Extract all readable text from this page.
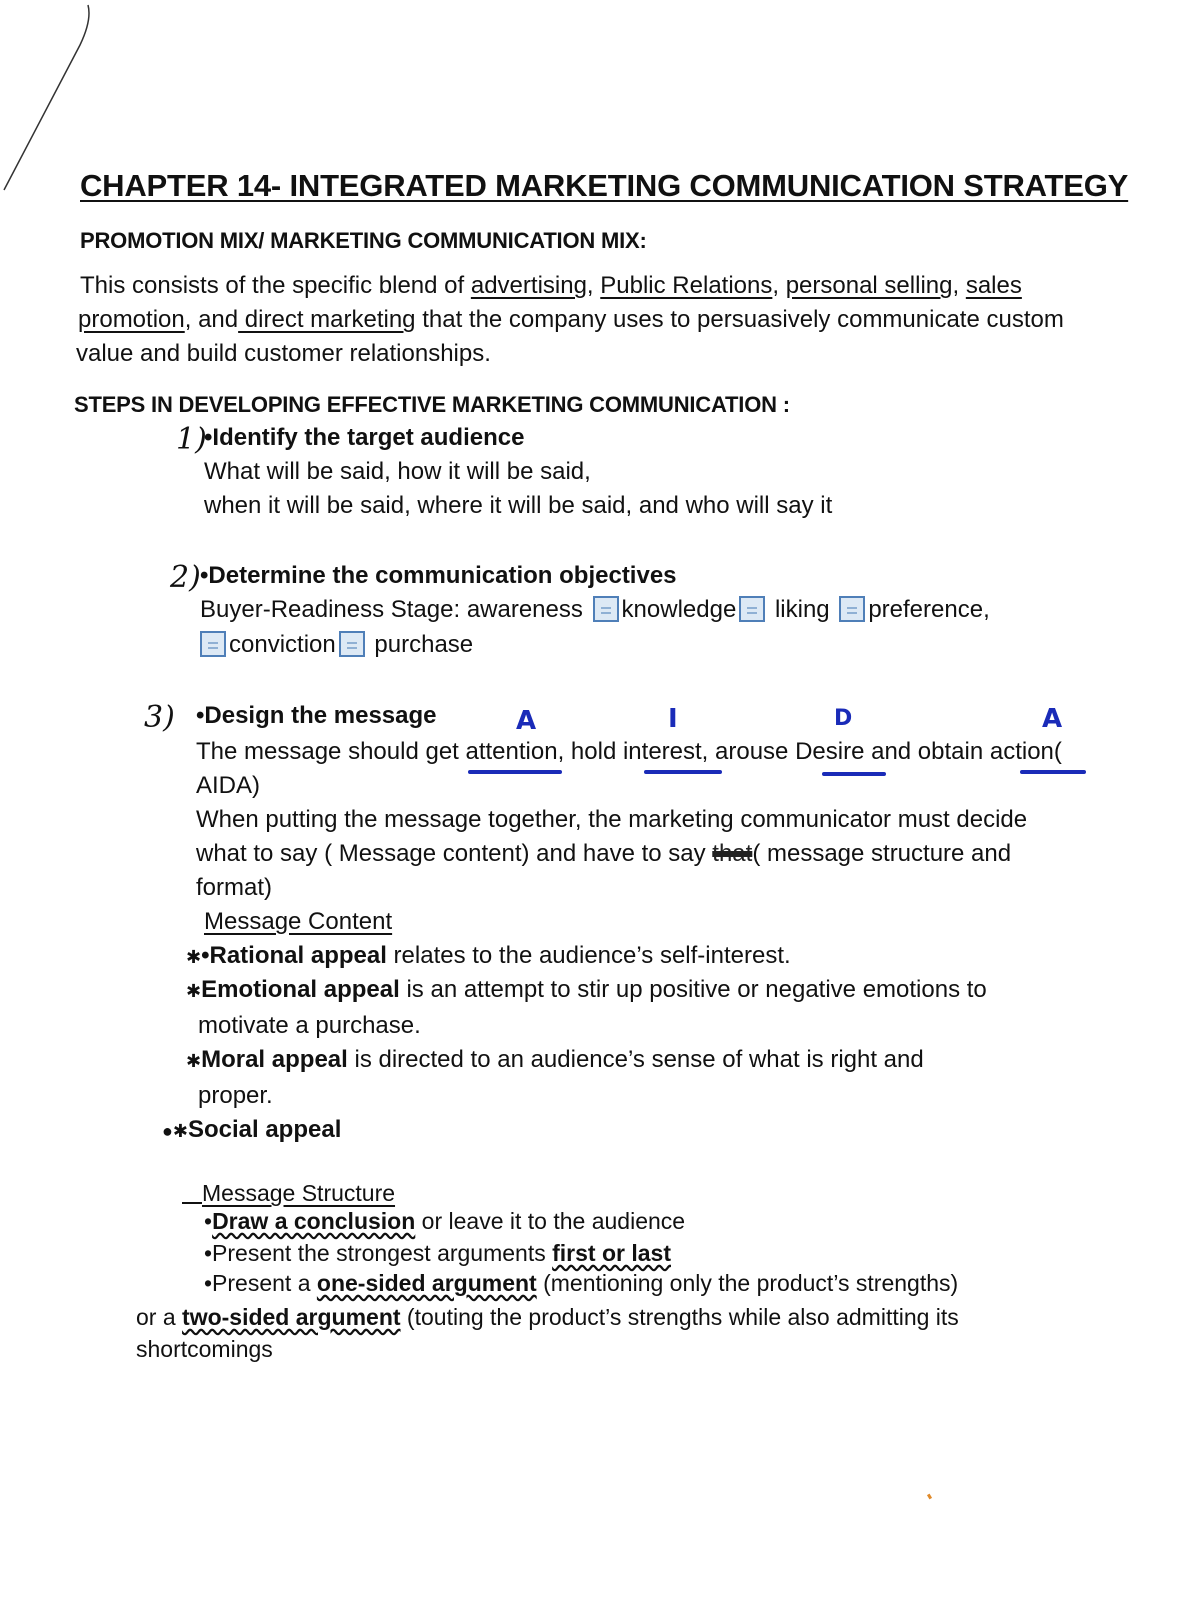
CHAPTER 14- INTEGRATED MARKETING COMMUNICATION STRATEGY
PROMOTION MIX/ MARKETING COMMUNICATION MIX:
This consists of the specific blend of advertising, Public Relations, personal selling, sales
promotion, and direct marketing that the company uses to persuasively communicate custom
value and build customer relationships.
STEPS IN DEVELOPING EFFECTIVE MARKETING COMMUNICATION :
1)
•Identify the target audience
What will be said, how it will be said,
when it will be said, where it will be said, and who will say it
2) •Determine the communication objectives
Buyer-Readiness Stage: awareness knowledge liking preference,
conviction purchase
3) •Design the message	A	I	D	A
The message should get attention, hold interest, arouse Desire and obtain action(
AIDA)
When putting the message together, the marketing communicator must decide
what to say ( Message content) and have to say that( message structure and
format)
Message Content
✱•Rational appeal relates to the audience’s self-interest.
✱Emotional appeal is an attempt to stir up positive or negative emotions to
motivate a purchase.
✱Moral appeal is directed to an audience’s sense of what is right and
proper.
●✱Social appeal
Message Structure
•Draw a conclusion or leave it to the audience
•Present the strongest arguments first or last
•Present a one-sided argument (mentioning only the product’s strengths)
or a two-sided argument (touting the product’s strengths while also admitting its
shortcomings
